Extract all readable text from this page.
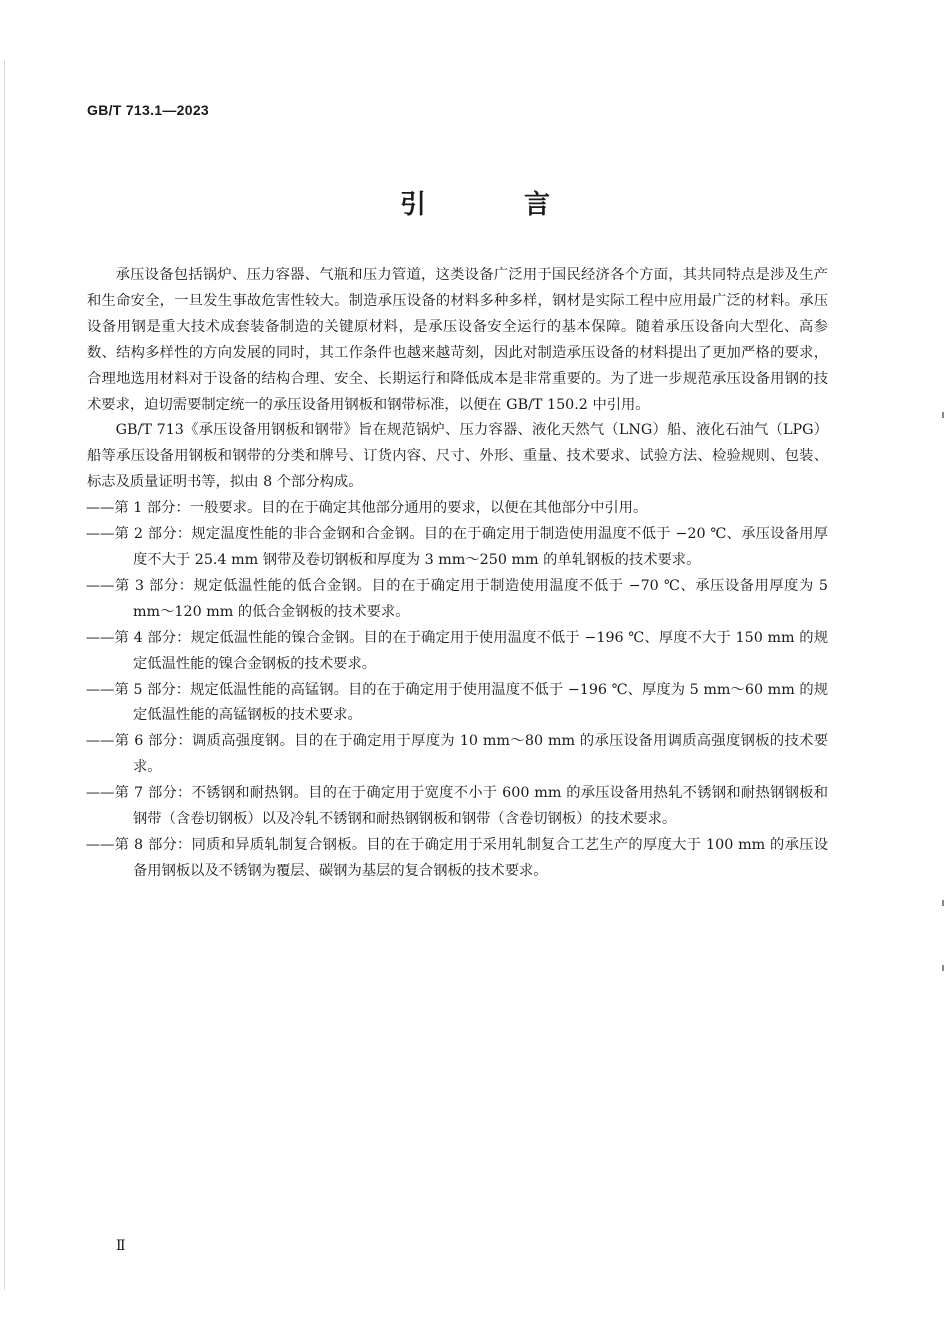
GB/T 713.1—2023
引　言

承压设备包括锅炉、压力容器、气瓶和压力管道，这类设备广泛用于国民经济各个方面，其共同特点是涉及生产和生命安全，一旦发生事故危害性较大。制造承压设备的材料多种多样，钢材是实际工程中应用最广泛的材料。承压设备用钢是重大技术成套装备制造的关键原材料，是承压设备安全运行的基本保障。随着承压设备向大型化、高参数、结构多样性的方向发展的同时，其工作条件也越来越苛刻，因此对制造承压设备的材料提出了更加严格的要求，合理地选用材料对于设备的结构合理、安全、长期运行和降低成本是非常重要的。为了进一步规范承压设备用钢的技术要求，迫切需要制定统一的承压设备用钢板和钢带标准，以便在 GB/T 150.2 中引用。

GB/T 713《承压设备用钢板和钢带》旨在规范锅炉、压力容器、液化天然气（LNG）船、液化石油气（LPG）船等承压设备用钢板和钢带的分类和牌号、订货内容、尺寸、外形、重量、技术要求、试验方法、检验规则、包装、标志及质量证明书等，拟由 8 个部分构成。

——第 1 部分：一般要求。目的在于确定其他部分通用的要求，以便在其他部分中引用。

——第 2 部分：规定温度性能的非合金钢和合金钢。目的在于确定用于制造使用温度不低于 −20 ℃、承压设备用厚度不大于 25.4 mm 钢带及卷切钢板和厚度为 3 mm～250 mm 的单轧钢板的技术要求。

——第 3 部分：规定低温性能的低合金钢。目的在于确定用于制造使用温度不低于 −70 ℃、承压设备用厚度为 5 mm～120 mm 的低合金钢板的技术要求。

——第 4 部分：规定低温性能的镍合金钢。目的在于确定用于使用温度不低于 −196 ℃、厚度不大于 150 mm 的规定低温性能的镍合金钢板的技术要求。

——第 5 部分：规定低温性能的高锰钢。目的在于确定用于使用温度不低于 −196 ℃、厚度为 5 mm～60 mm 的规定低温性能的高锰钢板的技术要求。

——第 6 部分：调质高强度钢。目的在于确定用于厚度为 10 mm～80 mm 的承压设备用调质高强度钢板的技术要求。

——第 7 部分：不锈钢和耐热钢。目的在于确定用于宽度不小于 600 mm 的承压设备用热轧不锈钢和耐热钢钢板和钢带（含卷切钢板）以及冷轧不锈钢和耐热钢钢板和钢带（含卷切钢板）的技术要求。

——第 8 部分：同质和异质轧制复合钢板。目的在于确定用于采用轧制复合工艺生产的厚度大于 100 mm 的承压设备用钢板以及不锈钢为覆层、碳钢为基层的复合钢板的技术要求。

Ⅱ
